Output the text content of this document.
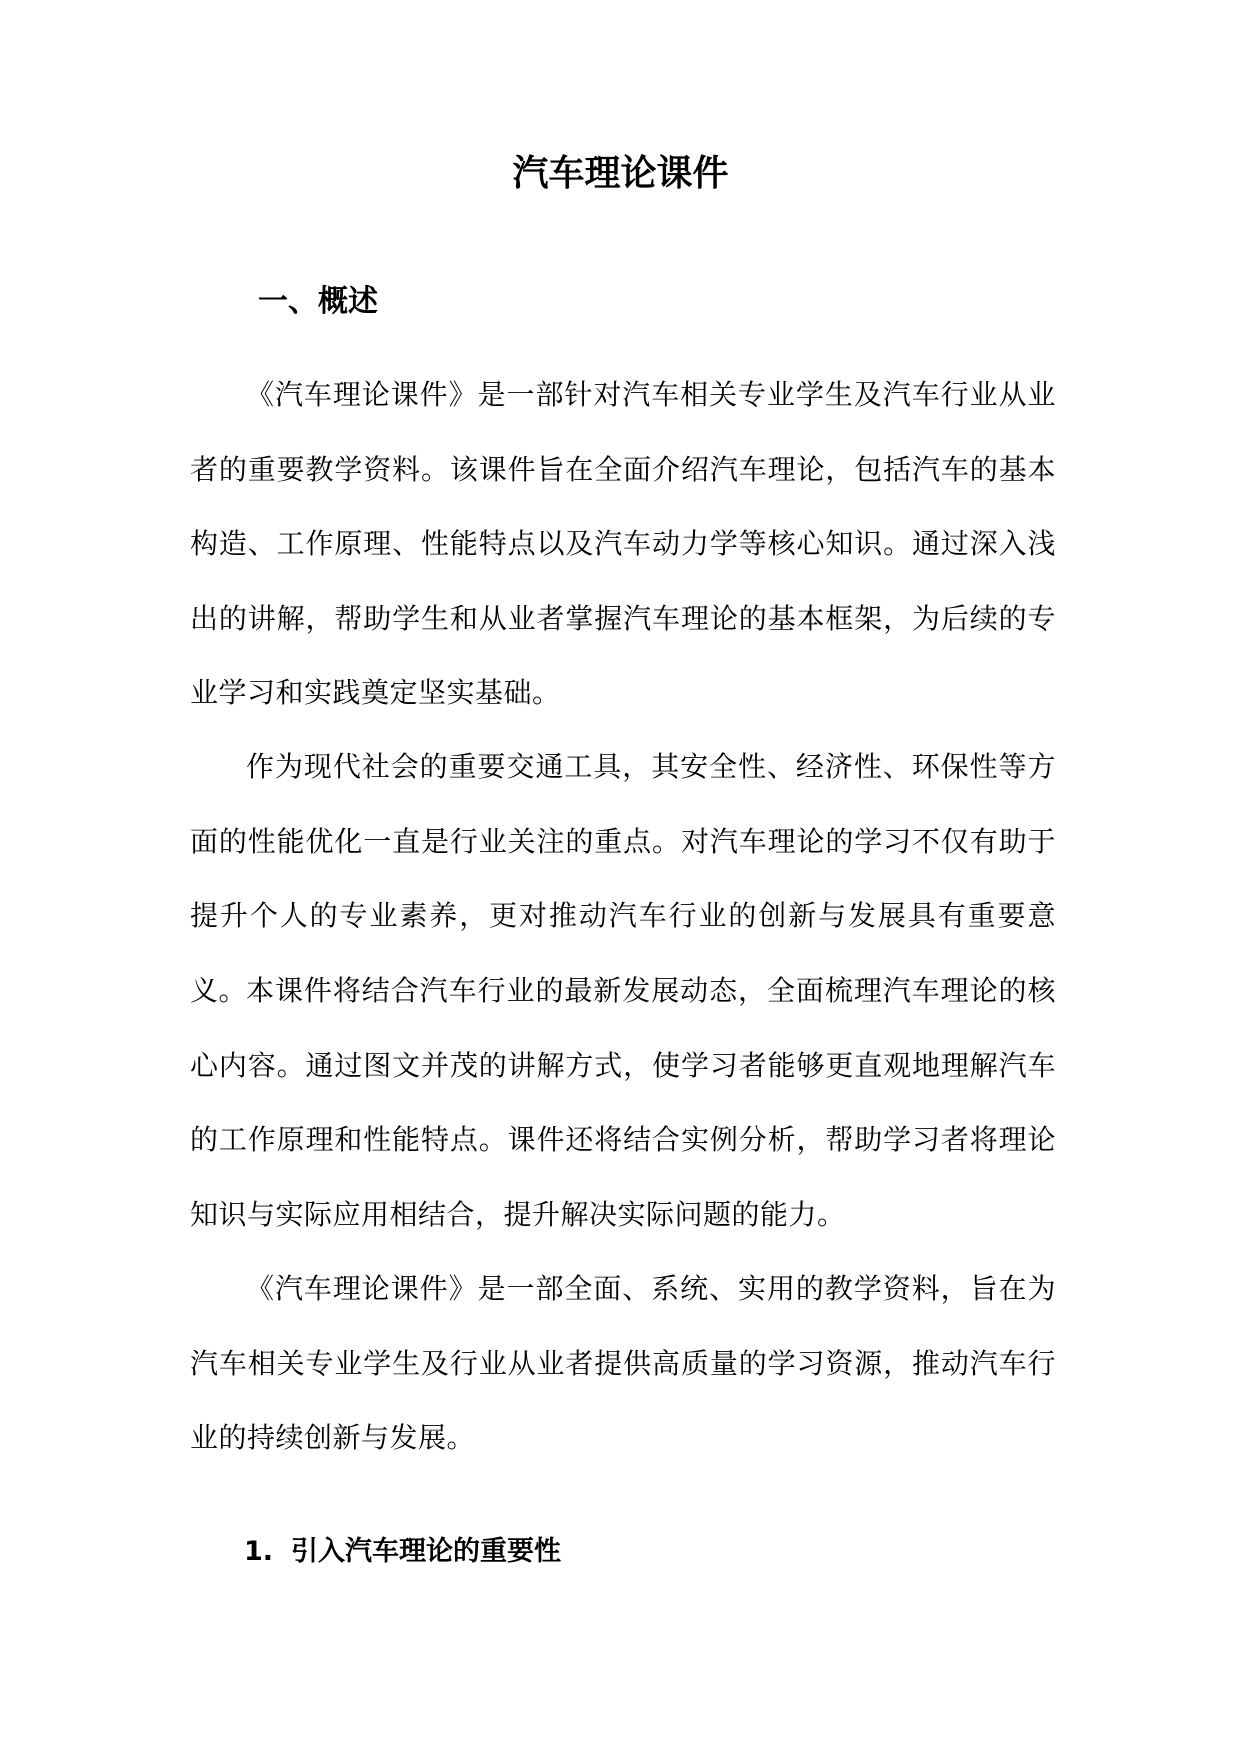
汽车理论课件
一、概述

《汽车理论课件》是一部针对汽车相关专业学生及汽车行业从业者的重要教学资料。该课件旨在全面介绍汽车理论，包括汽车的基本构造、工作原理、性能特点以及汽车动力学等核心知识。通过深入浅出的讲解，帮助学生和从业者掌握汽车理论的基本框架，为后续的专业学习和实践奠定坚实基础。

作为现代社会的重要交通工具，其安全性、经济性、环保性等方面的性能优化一直是行业关注的重点。对汽车理论的学习不仅有助于提升个人的专业素养，更对推动汽车行业的创新与发展具有重要意义。

本课件将结合汽车行业的最新发展动态，全面梳理汽车理论的核心内容。通过图文并茂的讲解方式，使学习者能够更直观地理解汽车的工作原理和性能特点。课件还将结合实例分析，帮助学习者将理论知识与实际应用相结合，提升解决实际问题的能力。

《汽车理论课件》是一部全面、系统、实用的教学资料，旨在为汽车相关专业学生及行业从业者提供高质量的学习资源，推动汽车行业的持续创新与发展。

1. 引入汽车理论的重要性
